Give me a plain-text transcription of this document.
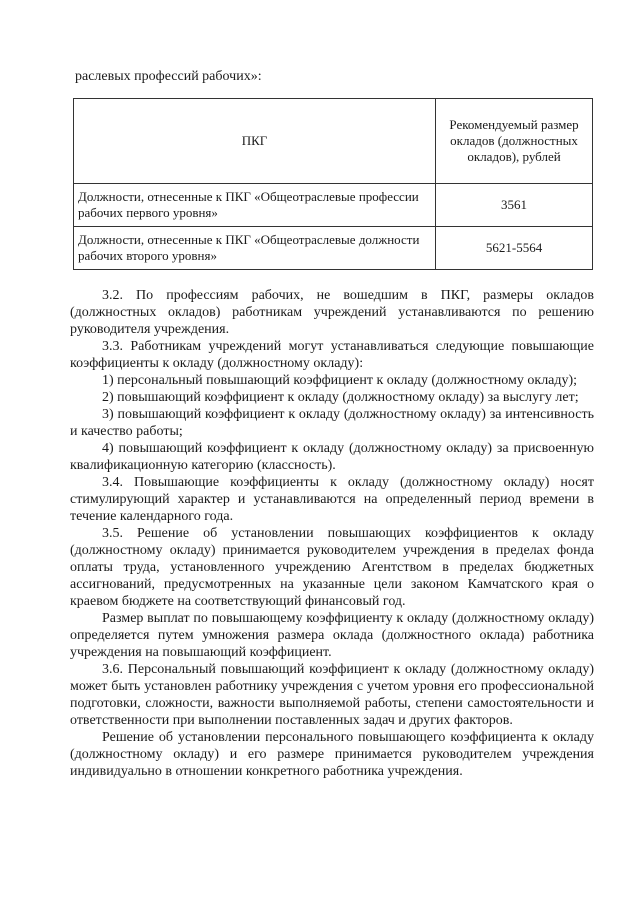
раслевых профессий рабочих»:
ПКГ	Рекомендуемый размер окладов (должностных окладов), рублей
Должности, отнесенные к ПКГ «Общеотраслевые профессии рабочих первого уровня»	3561
Должности, отнесенные к ПКГ «Общеотраслевые должности рабочих второго уровня»	5621-5564

3.2. По профессиям рабочих, не вошедшим в ПКГ, размеры окладов (должностных окладов) работникам учреждений устанавливаются по решению руководителя учреждения.

3.3. Работникам учреждений могут устанавливаться следующие повышающие коэффициенты к окладу (должностному окладу):

1) персональный повышающий коэффициент к окладу (должностному окладу);

2) повышающий коэффициент к окладу (должностному окладу) за выслугу лет;

3) повышающий коэффициент к окладу (должностному окладу) за интенсивность и качество работы;

4) повышающий коэффициент к окладу (должностному окладу) за присвоенную квалификационную категорию (классность).

3.4. Повышающие коэффициенты к окладу (должностному окладу) носят стимулирующий характер и устанавливаются на определенный период времени в течение календарного года.

3.5. Решение об установлении повышающих коэффициентов к окладу (должностному окладу) принимается руководителем учреждения в пределах фонда оплаты труда, установленного учреждению Агентством в пределах бюджетных ассигнований, предусмотренных на указанные цели законом Камчатского края о краевом бюджете на соответствующий финансовый год.

Размер выплат по повышающему коэффициенту к окладу (должностному окладу) определяется путем умножения размера оклада (должностного оклада) работника учреждения на повышающий коэффициент.

3.6. Персональный повышающий коэффициент к окладу (должностному окладу) может быть установлен работнику учреждения с учетом уровня его профессиональной подготовки, сложности, важности выполняемой работы, степени самостоятельности и ответственности при выполнении поставленных задач и других факторов.

Решение об установлении персонального повышающего коэффициента к окладу (должностному окладу) и его размере принимается руководителем учреждения индивидуально в отношении конкретного работника учреждения.
